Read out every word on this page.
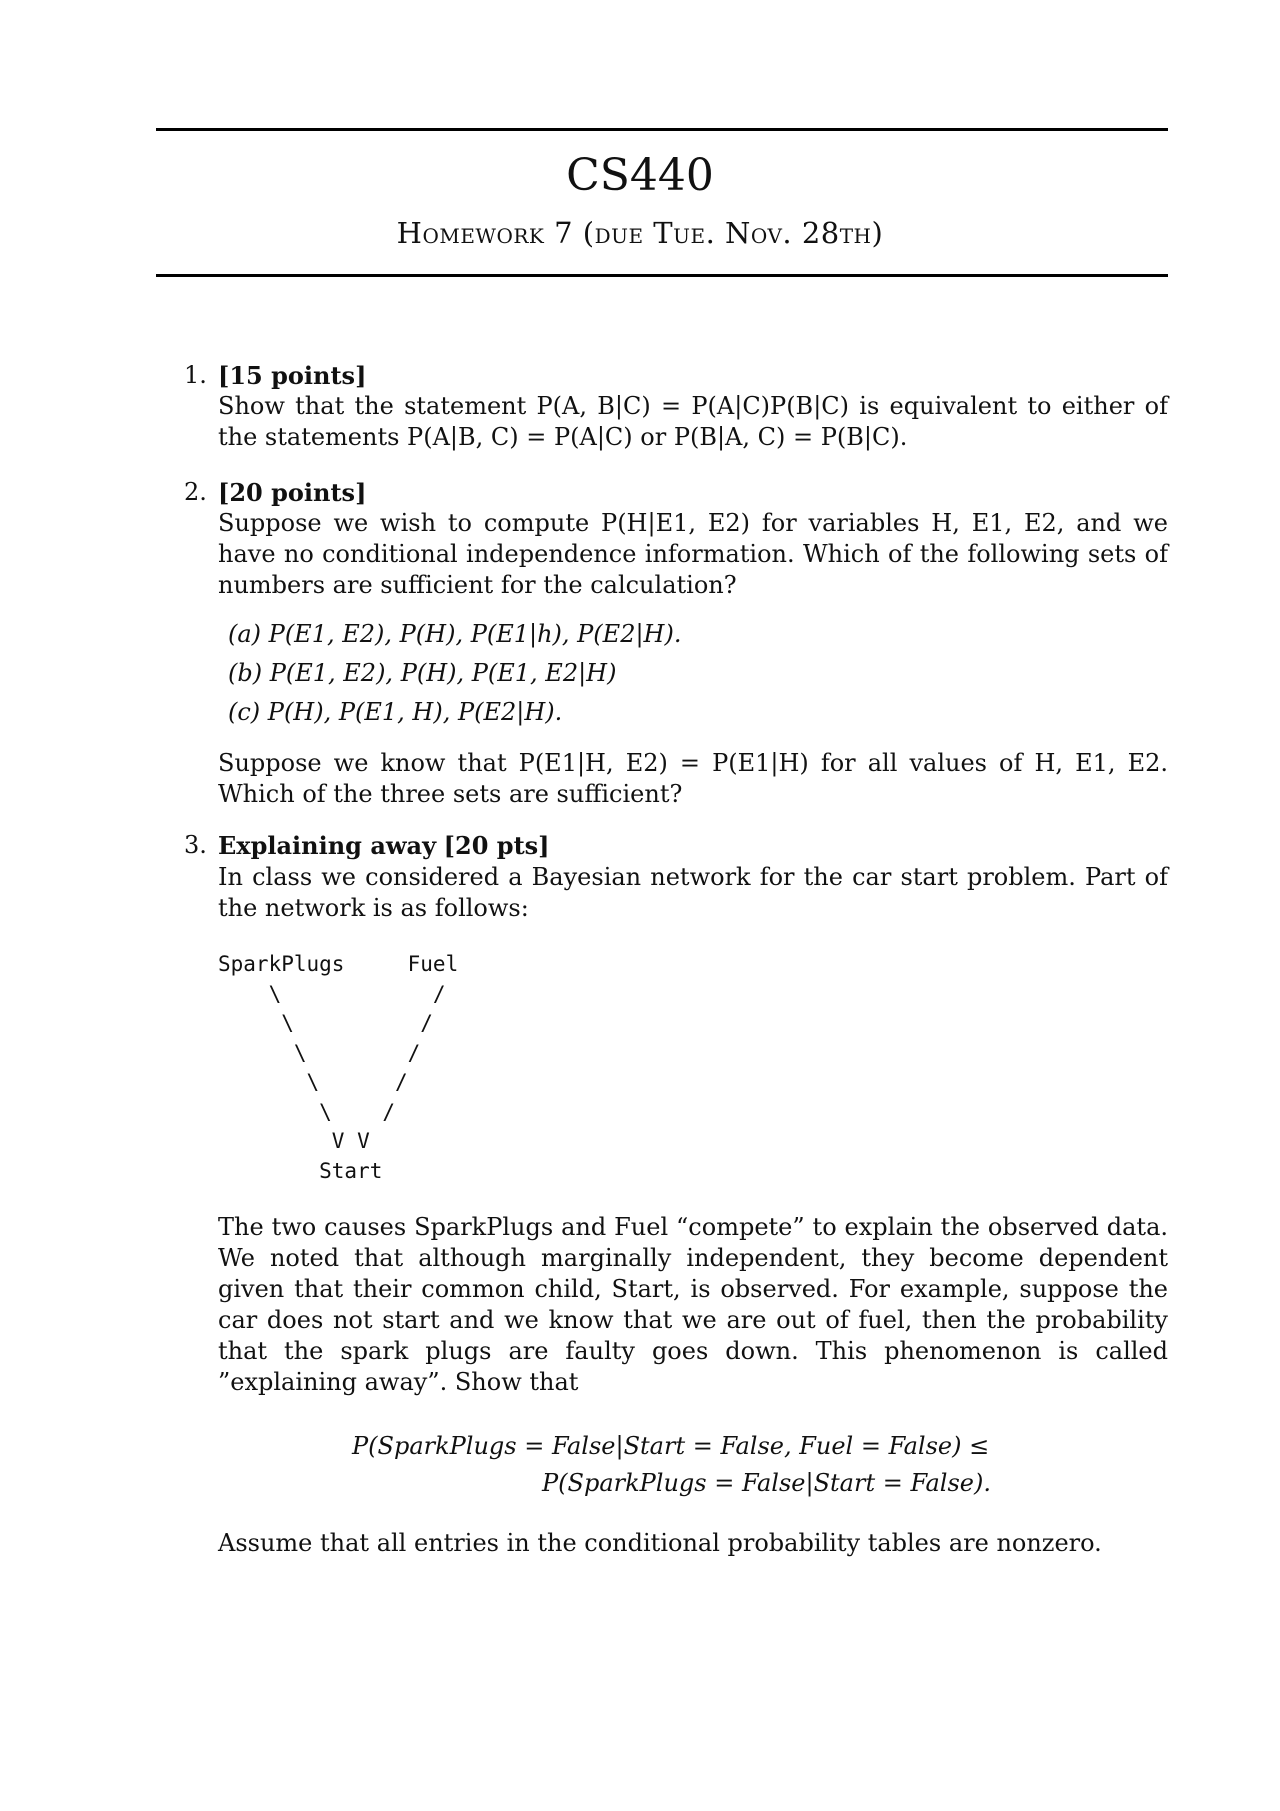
CS440
Homework 7 (due Tue. Nov. 28th)
1. [15 points]

Show that the statement P(A, B|C) = P(A|C)P(B|C) is equivalent to either of the statements P(A|B, C) = P(A|C) or P(B|A, C) = P(B|C).

2. [20 points]

Suppose we wish to compute P(H|E1, E2) for variables H, E1, E2, and we have no conditional independence information. Which of the following sets of numbers are sufficient for the calculation?

(a) P(E1, E2), P(H), P(E1|h), P(E2|H).
(b) P(E1, E2), P(H), P(E1, E2|H)
(c) P(H), P(E1, H), P(E2|H).

Suppose we know that P(E1|H, E2) = P(E1|H) for all values of H, E1, E2. Which of the three sets are sufficient?

3. Explaining away [20 pts]

In class we considered a Bayesian network for the car start problem. Part of the network is as follows:

SparkPlugs     Fuel
\            /
\          /
\        /
\      /
\    /
V V
Start

The two causes SparkPlugs and Fuel “compete” to explain the observed data. We noted that although marginally independent, they become dependent given that their common child, Start, is observed. For example, suppose the car does not start and we know that we are out of fuel, then the probability that the spark plugs are faulty goes down. This phenomenon is called ”explaining away”. Show that

P(SparkPlugs = False|Start = False, Fuel = False) ≤
P(SparkPlugs = False|Start = False).

Assume that all entries in the conditional probability tables are nonzero.
